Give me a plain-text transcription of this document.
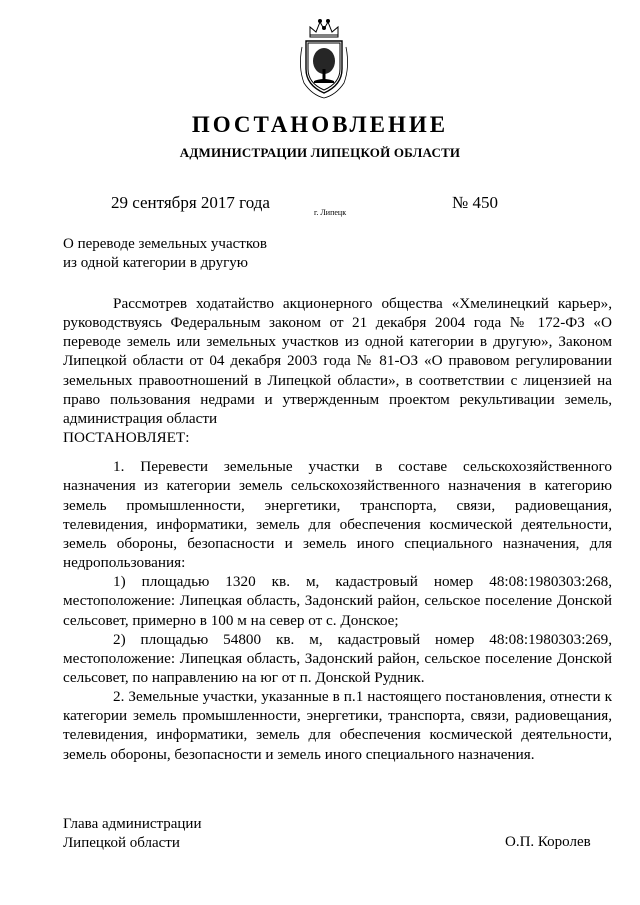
ПОСТАНОВЛЕНИЕ
АДМИНИСТРАЦИИ ЛИПЕЦКОЙ ОБЛАСТИ
29 сентября 2017 года
г. Липецк
№ 450
О переводе земельных участков
из одной категории в другую

Рассмотрев ходатайство акционерного общества «Хмелинецкий карьер», руководствуясь Федеральным законом от 21 декабря 2004 года № 172-ФЗ «О переводе земель или земельных участков из одной категории в другую», Законом Липецкой области от 04 декабря 2003 года № 81-ОЗ «О правовом регулировании земельных правоотношений в Липецкой области», в соответствии с лицензией на право пользования недрами и утвержденным проектом рекультивации земель, администрация области

ПОСТАНОВЛЯЕТ:

1. Перевести земельные участки в составе сельскохозяйственного назначения из категории земель сельскохозяйственного назначения в категорию земель промышленности, энергетики, транспорта, связи, радиовещания, телевидения, информатики, земель для обеспечения космической деятельности, земель обороны, безопасности и земель иного специального назначения, для недропользования:

1) площадью 1320 кв. м, кадастровый номер 48:08:1980303:268, местоположение: Липецкая область, Задонский район, сельское поселение Донской сельсовет, примерно в 100 м на север от с. Донское;

2) площадью 54800 кв. м, кадастровый номер 48:08:1980303:269, местоположение: Липецкая область, Задонский район, сельское поселение Донской сельсовет, по направлению на юг от п. Донской Рудник.

2. Земельные участки, указанные в п.1 настоящего постановления, отнести к категории земель промышленности, энергетики, транспорта, связи, радиовещания, телевидения, информатики, земель для обеспечения космической деятельности, земель обороны, безопасности и земель иного специального назначения.

Глава администрации
Липецкой области	О.П. Королев
